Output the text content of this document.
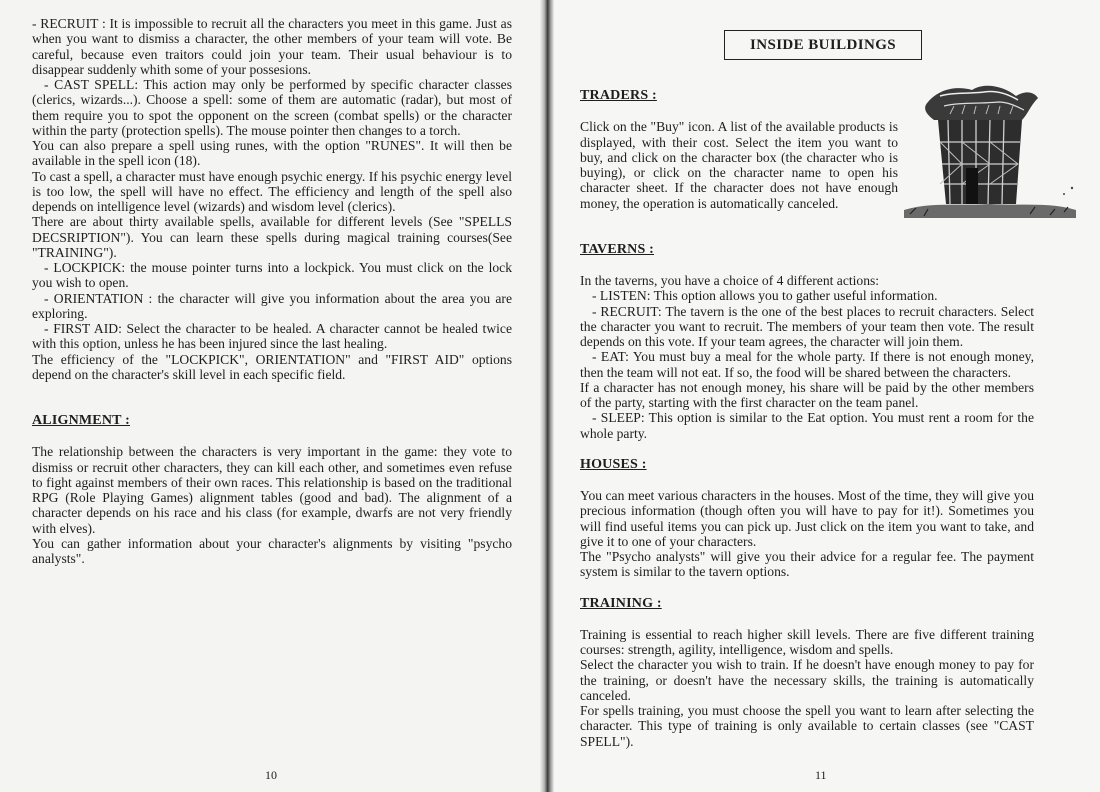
- RECRUIT : It is impossible to recruit all the characters you meet in this game. Just as when you want to dismiss a character, the other members of your team will vote. Be careful, because even traitors could join your team. Their usual behaviour is to disappear suddenly whith some of your possesions.

- CAST SPELL: This action may only be performed by specific character classes (clerics, wizards...). Choose a spell: some of them are automatic (radar), but most of them require you to spot the opponent on the screen (combat spells) or the character within the party (protection spells). The mouse pointer then changes to a torch.

You can also prepare a spell using runes, with the option "RUNES". It will then be available in the spell icon (18).

To cast a spell, a character must have enough psychic energy. If his psychic energy level is too low, the spell will have no effect. The efficiency and length of the spell also depends on intelligence level (wizards) and wisdom level (clerics).

There are about thirty available spells, available for different levels (See "SPELLS DECSRIPTION"). You can learn these spells during magical training courses(See "TRAINING").

- LOCKPICK: the mouse pointer turns into a lockpick. You must click on the lock you wish to open.

- ORIENTATION : the character will give you information about the area you are exploring.

- FIRST AID: Select the character to be healed. A character cannot be healed twice with this option, unless he has been injured since the last healing.

The efficiency of the "LOCKPICK", ORIENTATION" and "FIRST AID" options depend on the character's skill level in each specific field.

ALIGNMENT :

The relationship between the characters is very important in the game: they vote to dismiss or recruit other characters, they can kill each other, and sometimes even refuse to fight against members of their own races. This relationship is based on the traditional RPG (Role Playing Games) alignment tables (good and bad). The alignment of a character depends on his race and his class (for example, dwarfs are not very friendly with elves).

You can gather information about your character's alignments by visiting "psycho analysts".

10
INSIDE BUILDINGS

TRADERS :

Click on the "Buy" icon. A list of the available products is displayed, with their cost. Select the item you want to buy, and click on the character box (the character who is buying), or click on the character name to open his character sheet. If the character does not have enough money, the operation is automatically canceled.

TAVERNS :

In the taverns, you have a choice of 4 different actions:

- LISTEN: This option allows you to gather useful information.

- RECRUIT: The tavern is the one of the best places to recruit characters. Select the character you want to recruit. The members of your team then vote. The result depends on this vote. If your team agrees, the character will join them.

- EAT: You must buy a meal for the whole party. If there is not enough money, then the team will not eat. If so, the food will be shared between the characters.

If a character has not enough money, his share will be paid by the other members of the party, starting with the first character on the team panel.

- SLEEP: This option is similar to the Eat option. You must rent a room for the whole party.

HOUSES :

You can meet various characters in the houses. Most of the time, they will give you precious information (though often you will have to pay for it!). Sometimes you will find useful items you can pick up. Just click on the item you want to take, and give it to one of your characters.

The "Psycho analysts" will give you their advice for a regular fee. The payment system is similar to the tavern options.

TRAINING :

Training is essential to reach higher skill levels. There are five different training courses: strength, agility, intelligence, wisdom and spells.

Select the character you wish to train. If he doesn't have enough money to pay for the training, or doesn't have the necessary skills, the training is automatically canceled.

For spells training, you must choose the spell you want to learn after selecting the character. This type of training is only available to certain classes (see "CAST SPELL").

11
